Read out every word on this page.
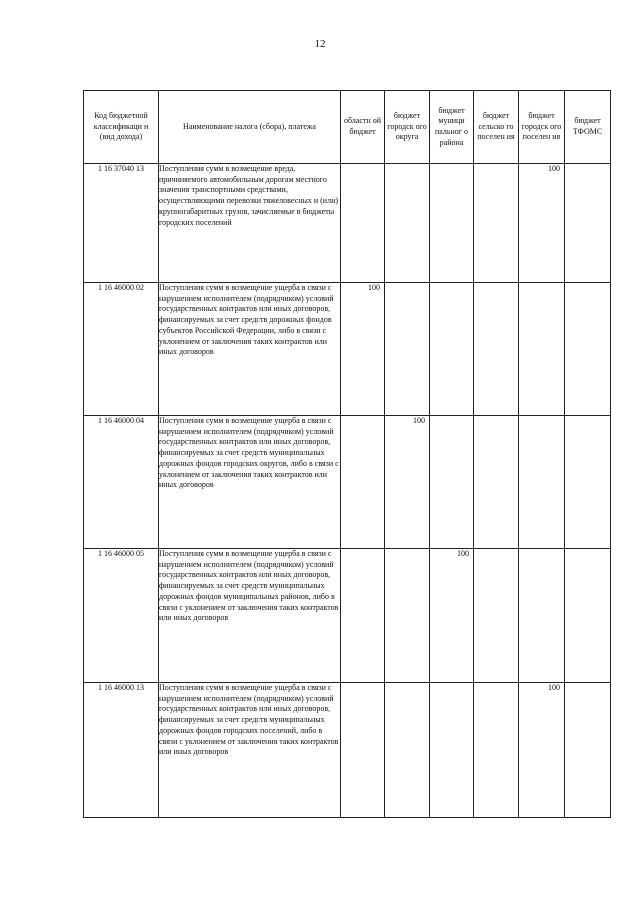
12
Код бюджетной классификаци и (вид дохода)	Наименование налога (сбора), платежа	областн ой бюджет	бюджет городск ого округа	бюджет муници пальног о района	бюджет сельско го поселен ия	бюджет городск ого поселен ия	бюджет ТФОМС

1 16 37040 13	Поступления сумм в возмещение вреда, причиняемого автомобильным дорогам местного значения транспортными средствами, осуществляющими перевозки тяжеловесных и (или) крупногабаритных грузов, зачисляемые в бюджеты городских поселений					100	

1 16 46000 02	Поступления сумм в возмещение ущерба в связи с нарушением исполнителем (подрядчиком) условий государственных контрактов или иных договоров, финансируемых за счет средств дорожных фондов субъектов Российской Федерации, либо в связи с уклонением от заключения таких контрактов или иных договоров	100					

1 16 46000 04	Поступления сумм в возмещение ущерба в связи с нарушением исполнителем (подрядчиком) условий государственных контрактов или иных договоров, финансируемых за счет средств муниципальных дорожных фондов городских округов, либо в связи с уклонением от заключения таких контрактов или иных договоров		100				

1 16 46000 05	Поступления сумм в возмещение ущерба в связи с нарушением исполнителем (подрядчиком) условий государственных контрактов или иных договоров, финансируемых за счет средств муниципальных дорожных фондов муниципальных районов, либо в связи с уклонением от заключения таких контрактов или иных договоров			100			

1 16 46000 13	Поступления сумм в возмещение ущерба в связи с нарушением исполнителем (подрядчиком) условий государственных контрактов или иных договоров, финансируемых за счет средств муниципальных дорожных фондов городских поселений, либо в связи с уклонением от заключения таких контрактов или иных договоров					100	
